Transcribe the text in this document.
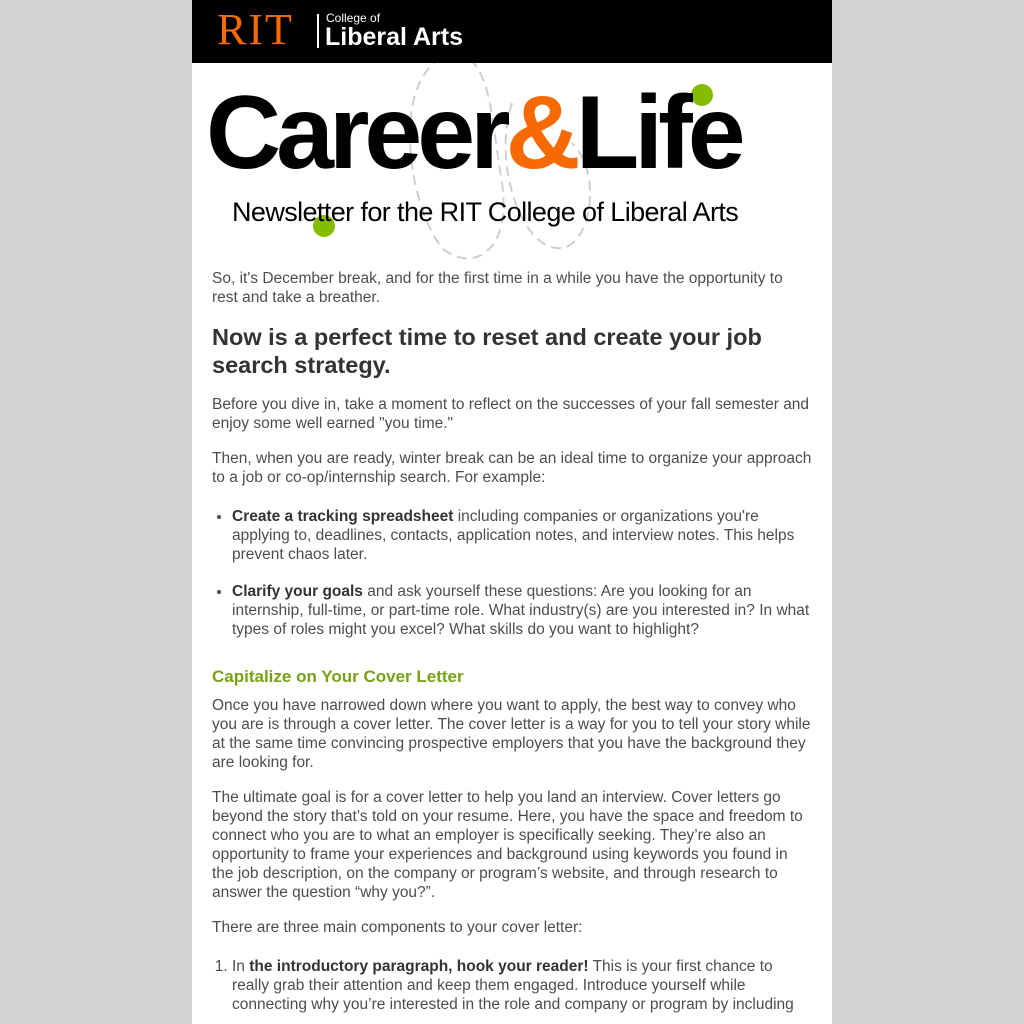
RIT	College of
Liberal Arts
Career&Life
Newsletter for the RIT College of Liberal Arts

So, it's December break, and for the first time in a while you have the opportunity to rest and take a breather.

Now is a perfect time to reset and create your job search strategy.

Before you dive in, take a moment to reflect on the successes of your fall semester and enjoy some well earned "you time."

Then, when you are ready, winter break can be an ideal time to organize your approach to a job or co-op/internship search. For example:

• Create a tracking spreadsheet including companies or organizations you're applying to, deadlines, contacts, application notes, and interview notes. This helps prevent chaos later.
• Clarify your goals and ask yourself these questions: Are you looking for an internship, full-time, or part-time role. What industry(s) are you interested in? In what types of roles might you excel? What skills do you want to highlight?
Capitalize on Your Cover Letter

Once you have narrowed down where you want to apply, the best way to convey who you are is through a cover letter. The cover letter is a way for you to tell your story while at the same time convincing prospective employers that you have the background they are looking for.

The ultimate goal is for a cover letter to help you land an interview. Cover letters go beyond the story that’s told on your resume. Here, you have the space and freedom to connect who you are to what an employer is specifically seeking. They’re also an opportunity to frame your experiences and background using keywords you found in the job description, on the company or program’s website, and through research to answer the question “why you?”.

There are three main components to your cover letter:

1. In the introductory paragraph, hook your reader! This is your first chance to really grab their attention and keep them engaged. Introduce yourself while connecting why you’re interested in the role and company or program by including
